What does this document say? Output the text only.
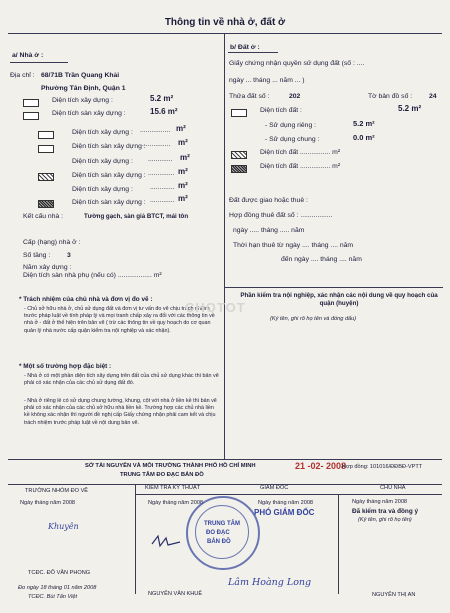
Thông tin về nhà ở, đất ở
a/ Nhà ở :
Địa chỉ : 68/71B Trần Quang Khải
Phường Tân Định, Quận 1
Diện tích xây dựng :	5.2 m²
Diện tích sàn xây dựng :	15.6 m²
Diện tích xây dựng : ................ m²
Diện tích sàn xây dựng :
............... m²
Diện tích xây dựng : ............. m²
Diện tích sàn xây dựng : .............. m²
Diện tích xây dựng :	............. m²
Diện tích sàn xây dựng : ............. m²
Kết cấu nhà :	Tường gạch, sàn giả BTCT, mái tôn
Cấp (hạng) nhà ở :
Số tầng : 3
Năm xây dựng :
Diện tích sàn nhà phụ (nếu có) .................. m²
* Trách nhiệm của chủ nhà và đơn vị đo vẽ :
- Chủ sở hữu nhà ở, chủ sử dụng đất và đơn vị tư vấn đo vẽ chịu trách nhiệm trước pháp luật về tính pháp lý và mọi tranh chấp xảy ra đối với các thông tin về nhà ở - đất ở thể hiện trên bản vẽ ( trừ các thông tin về quy hoạch do cơ quan quản lý nhà nước cấp quận kiểm tra nội nghiệp và xác nhận).
* Một số trường hợp đặc biệt :
- Nhà ở có một phần diện tích xây dựng trên đất của chủ sử dụng khác thì bản vẽ phải có xác nhận của các chủ sử dụng đất đó.
- Nhà ở riêng lẻ có sử dụng chung tường, khung, cột với nhà ở liền kề thì bản vẽ phải có xác nhận của các chủ sở hữu nhà liền kề. Trường hợp các chủ nhà liền kề không xác nhận thì người đề nghị cấp Giấy chứng nhận phải cam kết và chịu trách nhiệm trước pháp luật về nội dung bản vẽ.
b/ Đất ở :
Giấy chứng nhận quyền sử dụng đất (số : ....
ngày ... tháng ... năm ... )
Thửa đất số :	202	Tờ bản đồ số : 24
Diện tích đất :	5.2 m²
- Sử dụng riêng :	5.2 m²
- Sử dụng chung :	0.0 m²
Diện tích đất ................ m²
Diện tích đất ................ m²
Đất được giao hoặc thuê :
Hợp đồng thuê đất số : .................
ngày ..... tháng ..... năm
Thời hạn thuê từ ngày .... tháng .... năm
đến ngày .... tháng .... năm
Phần kiểm tra nội nghiệp, xác nhận các nội dung về quy hoạch của quận (huyện)
(Ký tên, ghi rõ họ tên và đóng dấu)
CHOTOT
SỞ TÀI NGUYÊN VÀ MÔI TRƯỜNG THÀNH PHỐ HỒ CHÍ MINH
TRUNG TÂM ĐO ĐẠC BẢN ĐỒ
21 -02- 2008
Hợp đồng: 101016/ĐĐBĐ-VPTT
TRƯỞNG NHÓM ĐO VẼ	KIỂM TRA KỸ THUẬT	GIÁM ĐỐC	CHỦ NHÀ
Ngày tháng năm 2008	Ngày tháng năm 2008	Ngày tháng năm 2008	Ngày tháng năm 2008
Đã kiểm tra và đồng ý
(Ký tên, ghi rõ họ tên)
PHÓ GIÁM ĐỐC
TRUNG TÂM
ĐO ĐẠC
BẢN ĐỒ
Khuyên
Lâm Hoàng Long
TCĐC. ĐỖ VĂN PHONG
Đo ngày 18 tháng 01 năm 2008
TCĐC. Bùi Tấn Việt	NGUYỄN VĂN KHUÊ	NGUYỄN THỊ AN
